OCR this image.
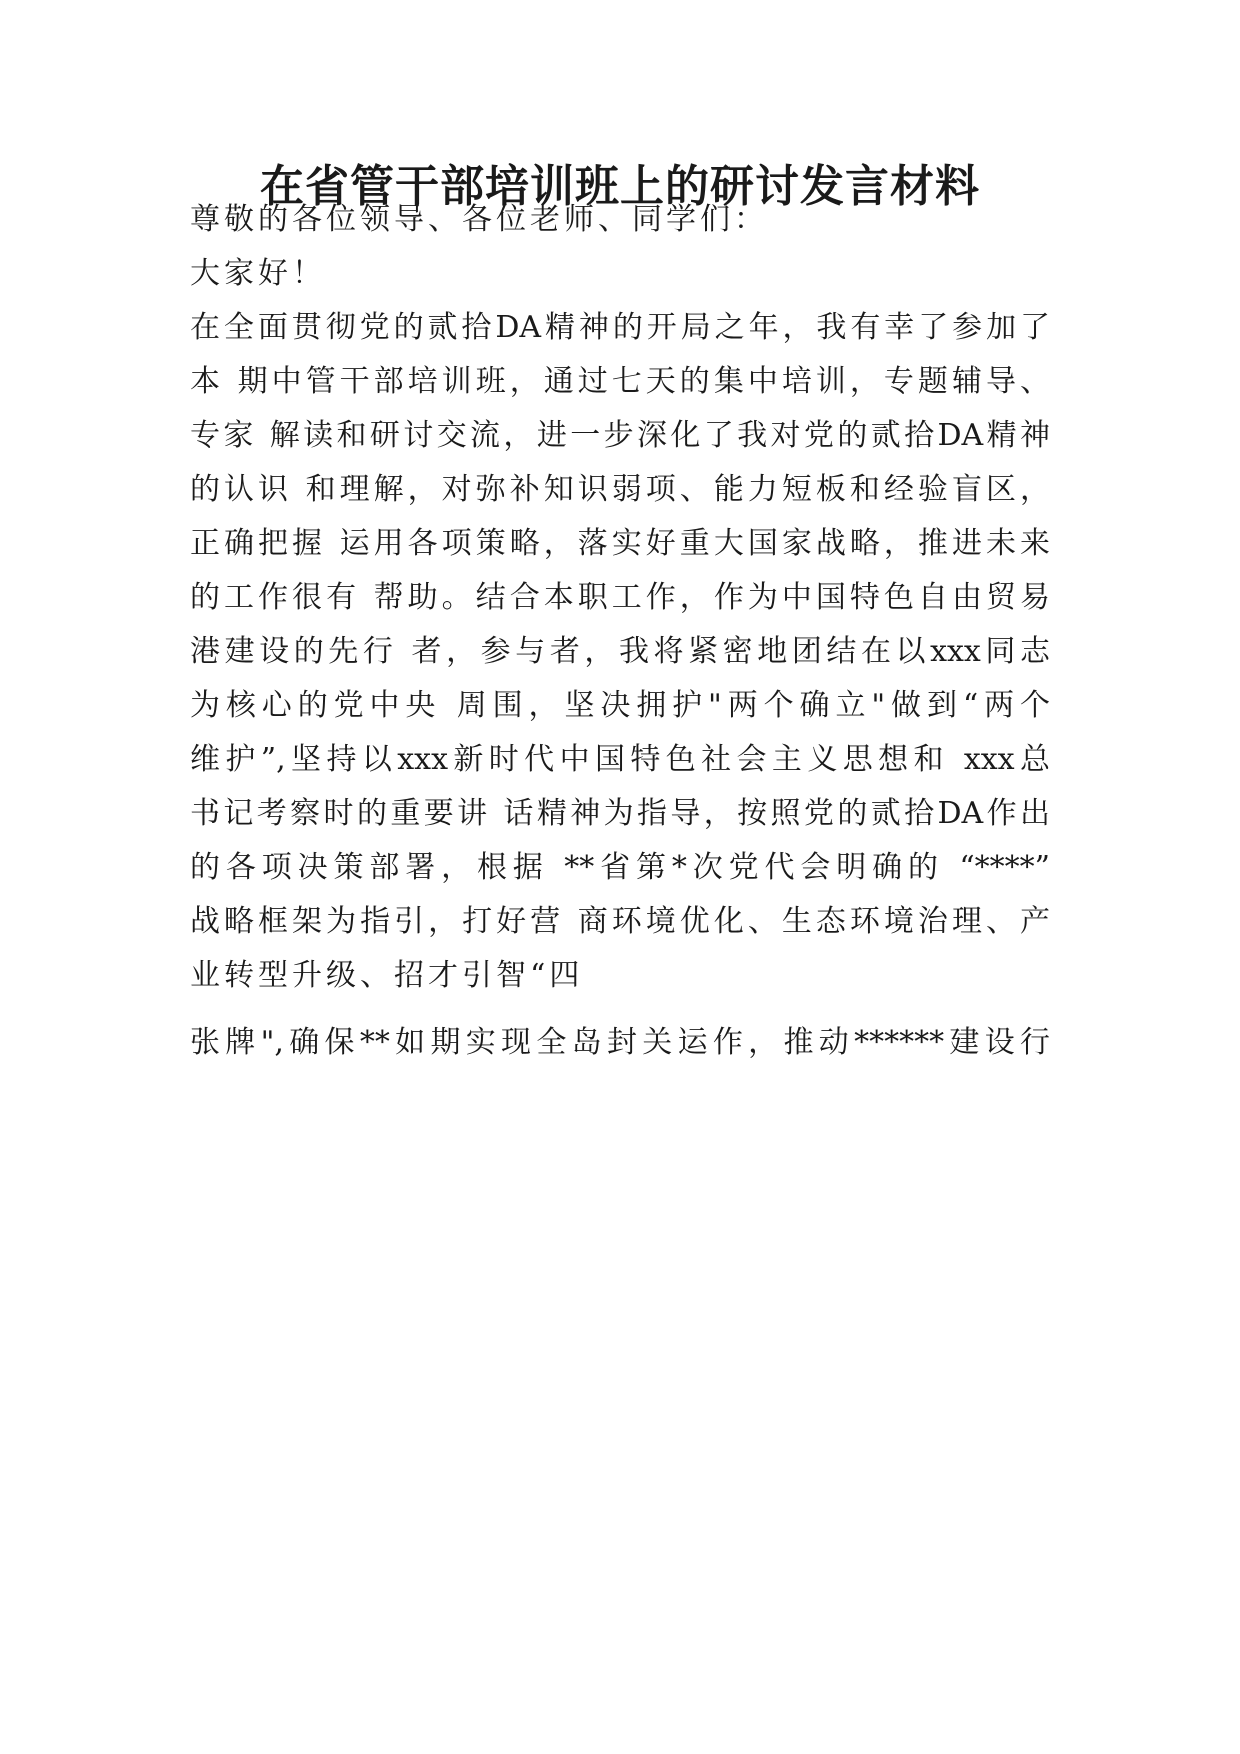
在省管干部培训班上的研讨发言材料

尊敬的各位领导、各位老师、同学们：

大家好！

在全面贯彻党的贰拾DA精神的开局之年，我有幸了参加了

本 期中管干部培训班，通过七天的集中培训，专题辅导、

专家 解读和研讨交流，进一步深化了我对党的贰拾DA精神

的认识 和理解，对弥补知识弱项、能力短板和经验盲区，

正确把握 运用各项策略，落实好重大国家战略，推进未来

的工作很有 帮助。结合本职工作，作为中国特色自由贸易

港建设的先行 者，参与者，我将紧密地团结在以xxx同志

为核心的党中央 周围，坚决拥护"两个确立"做到“两个

维护”,坚持以xxx新时代中国特色社会主义思想和 xxx总

书记考察时的重要讲 话精神为指导，按照党的贰拾DA作出

的各项决策部署，根据 **省第*次党代会明确的 “****”

战略框架为指引，打好营 商环境优化、生态环境治理、产

业转型升级、招才引智“四

张牌",确保**如期实现全岛封关运作，推动******建设行
